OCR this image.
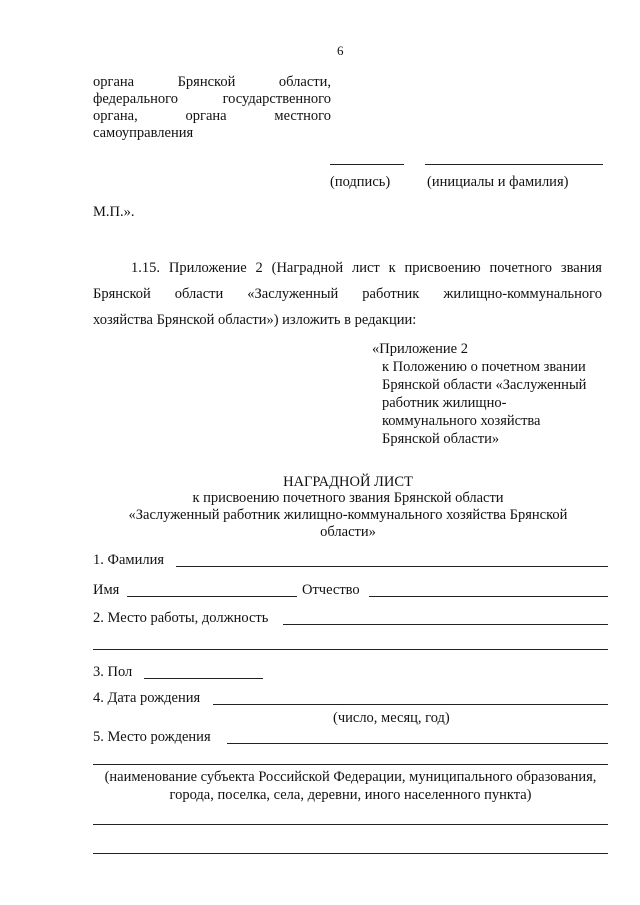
6
органа	Брянской	области,
федерального	государственного
органа,	органа	местного
самоуправления
(подпись)	(инициалы и фамилия)
М.П.».
1.15. Приложение 2 (Наградной лист к присвоению почетного звания
Брянской области «Заслуженный работник жилищно-коммунального
хозяйства Брянской области») изложить в редакции:
«Приложение 2
к Положению о почетном звании
Брянской области «Заслуженный
работник жилищно-
коммунального хозяйства
Брянской области»
НАГРАДНОЙ ЛИСТ
к присвоению почетного звания Брянской области
«Заслуженный работник жилищно-коммунального хозяйства Брянской
области»
1. Фамилия
Имя	Отчество
2. Место работы, должность
3. Пол
4. Дата рождения
(число, месяц, год)
5. Место рождения
(наименование субъекта Российской Федерации, муниципального образования,
города, поселка, села, деревни, иного населенного пункта)
